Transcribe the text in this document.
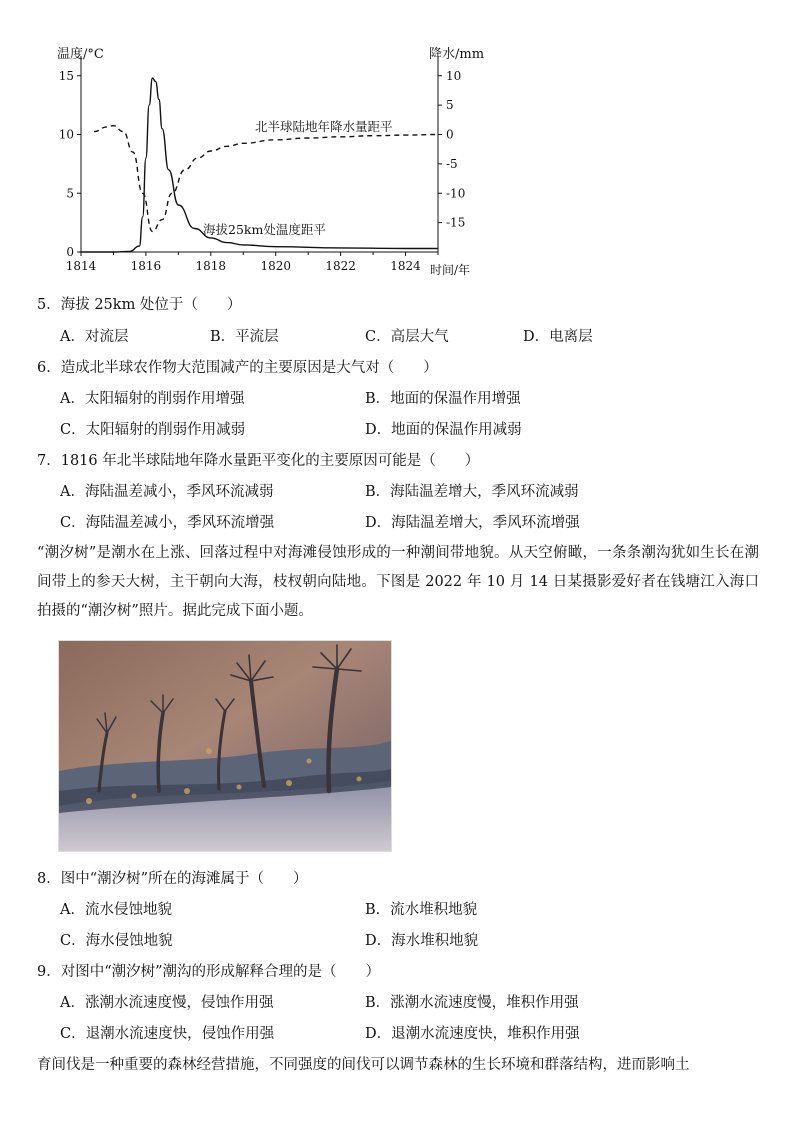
0
5
10
15	10
5
0
-5
-10
-15
1814	1816	1818	1820	1822	1824
温度/°C	降水/mm
时间/年
海拔25km处温度距平
北半球陆地年降水量距平
5．海拔 25km 处位于（　　）
A．对流层	B．平流层	C．高层大气	D．电离层
6．造成北半球农作物大范围减产的主要原因是大气对（　　）
A．太阳辐射的削弱作用增强	B．地面的保温作用增强
C．太阳辐射的削弱作用减弱	D．地面的保温作用减弱
7．1816 年北半球陆地年降水量距平变化的主要原因可能是（　　）
A．海陆温差减小，季风环流减弱	B．海陆温差增大，季风环流减弱
C．海陆温差减小，季风环流增强	D．海陆温差增大，季风环流增强
“潮汐树”是潮水在上涨、回落过程中对海滩侵蚀形成的一种潮间带地貌。从天空俯瞰，一条条潮沟犹如生长在潮间带上的参天大树，主干朝向大海，枝杈朝向陆地。下图是 2022 年 10 月 14 日某摄影爱好者在钱塘江入海口拍摄的“潮汐树”照片。据此完成下面小题。
8．图中“潮汐树”所在的海滩属于（　　）
A．流水侵蚀地貌	B．流水堆积地貌
C．海水侵蚀地貌	D．海水堆积地貌
9．对图中“潮汐树”潮沟的形成解释合理的是（　　）
A．涨潮水流速度慢，侵蚀作用强	B．涨潮水流速度慢，堆积作用强
C．退潮水流速度快，侵蚀作用强	D．退潮水流速度快，堆积作用强
育间伐是一种重要的森林经营措施，不同强度的间伐可以调节森林的生长环境和群落结构，进而影响土
